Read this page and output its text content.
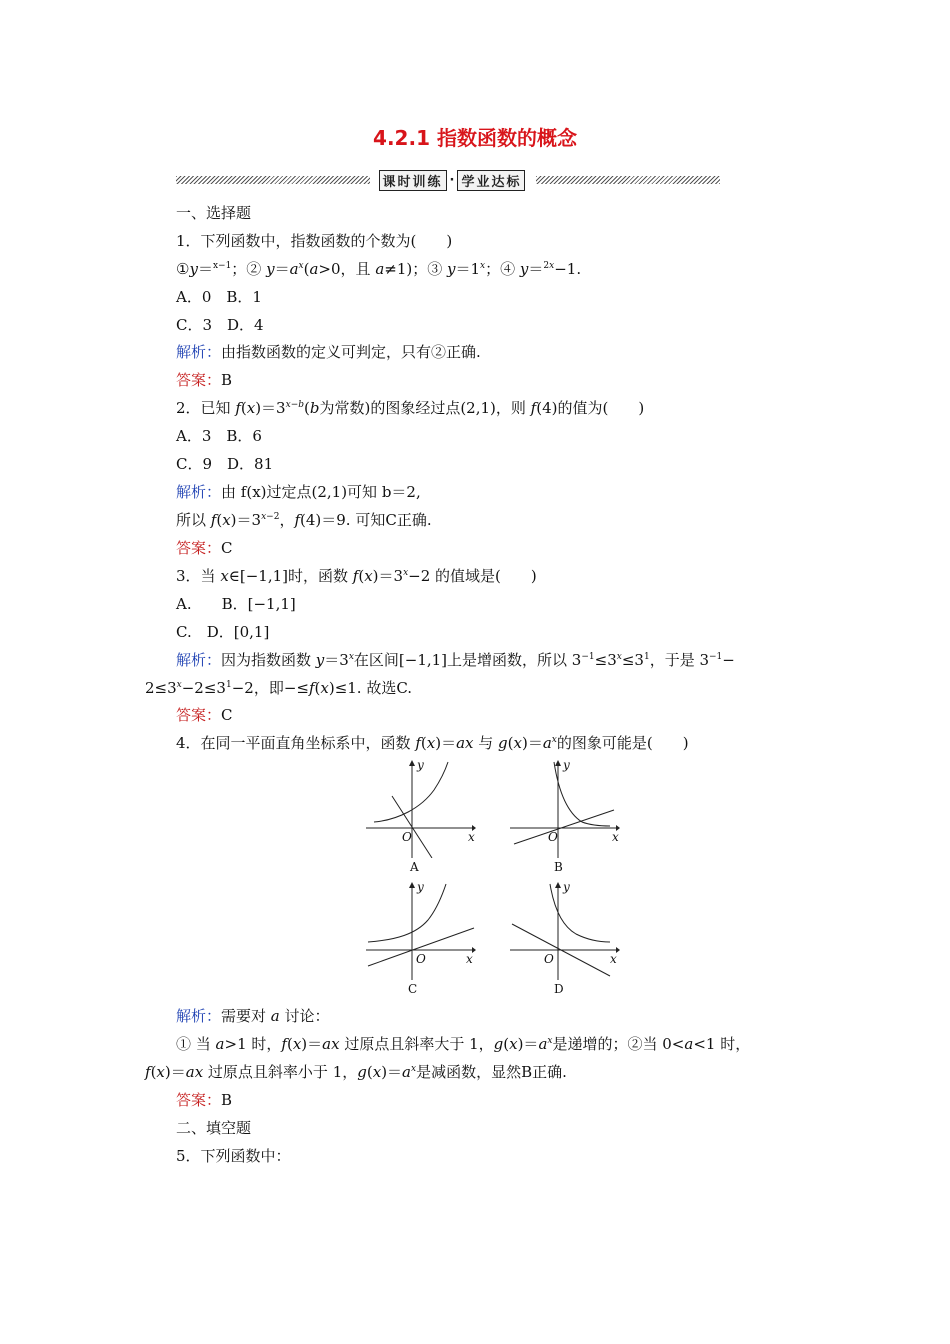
4.2.1 指数函数的概念
课时训练 · 学业达标
一、选择题
1．下列函数中，指数函数的个数为(　　)
①y＝$^{x-1}$；② $y=a^x(a>0$，且 a≠1)；③ $y=1^x$；④ y＝$^{2x}$−1.
A．0　B．1
C．3　D．4
解析：由指数函数的定义可判定，只有②正确.
答案：B
2．已知 $f(x)=3^{x-b}(b$为常数)的图象经过点(2,1)，则 f(4)的值为(　　)
A．3　B．6
C．9　D．81
解析：由 f(x)过定点(2,1)可知 b＝2,
所以 $f(x)=3^{x-2}$，f(4)＝9. 可知C正确.
答案：C
3．当 x∈[−1,1]时，函数 $f(x)=3^x-2$ 的值域是(　　)
A.　　B．[−1,1]
C.　D．[0,1]
解析：因为指数函数 $y=3^x$在区间[−1,1]上是增函数，所以 $3^{-1}\le 3^x\le 3^1$，于是 $3^{-1}-$
$2\le 3^x-2\le 3^1-2$，即−≤f(x)≤1. 故选C.
答案：C
4．在同一平面直角坐标系中，函数 f(x)＝ax 与 $g(x)=a^x$的图象可能是(　　)
O	x
y
A
O	x
y
B
O	x
y
C
O	x
y
D
解析：需要对 a 讨论：
① 当 a>1 时，f(x)＝ax 过原点且斜率大于 1，$g(x)=a^x$是递增的；②当 0<a<1 时，
f(x)＝ax 过原点且斜率小于 1，$g(x)=a^x$是减函数，显然B正确.
答案：B
二、填空题
5．下列函数中：
